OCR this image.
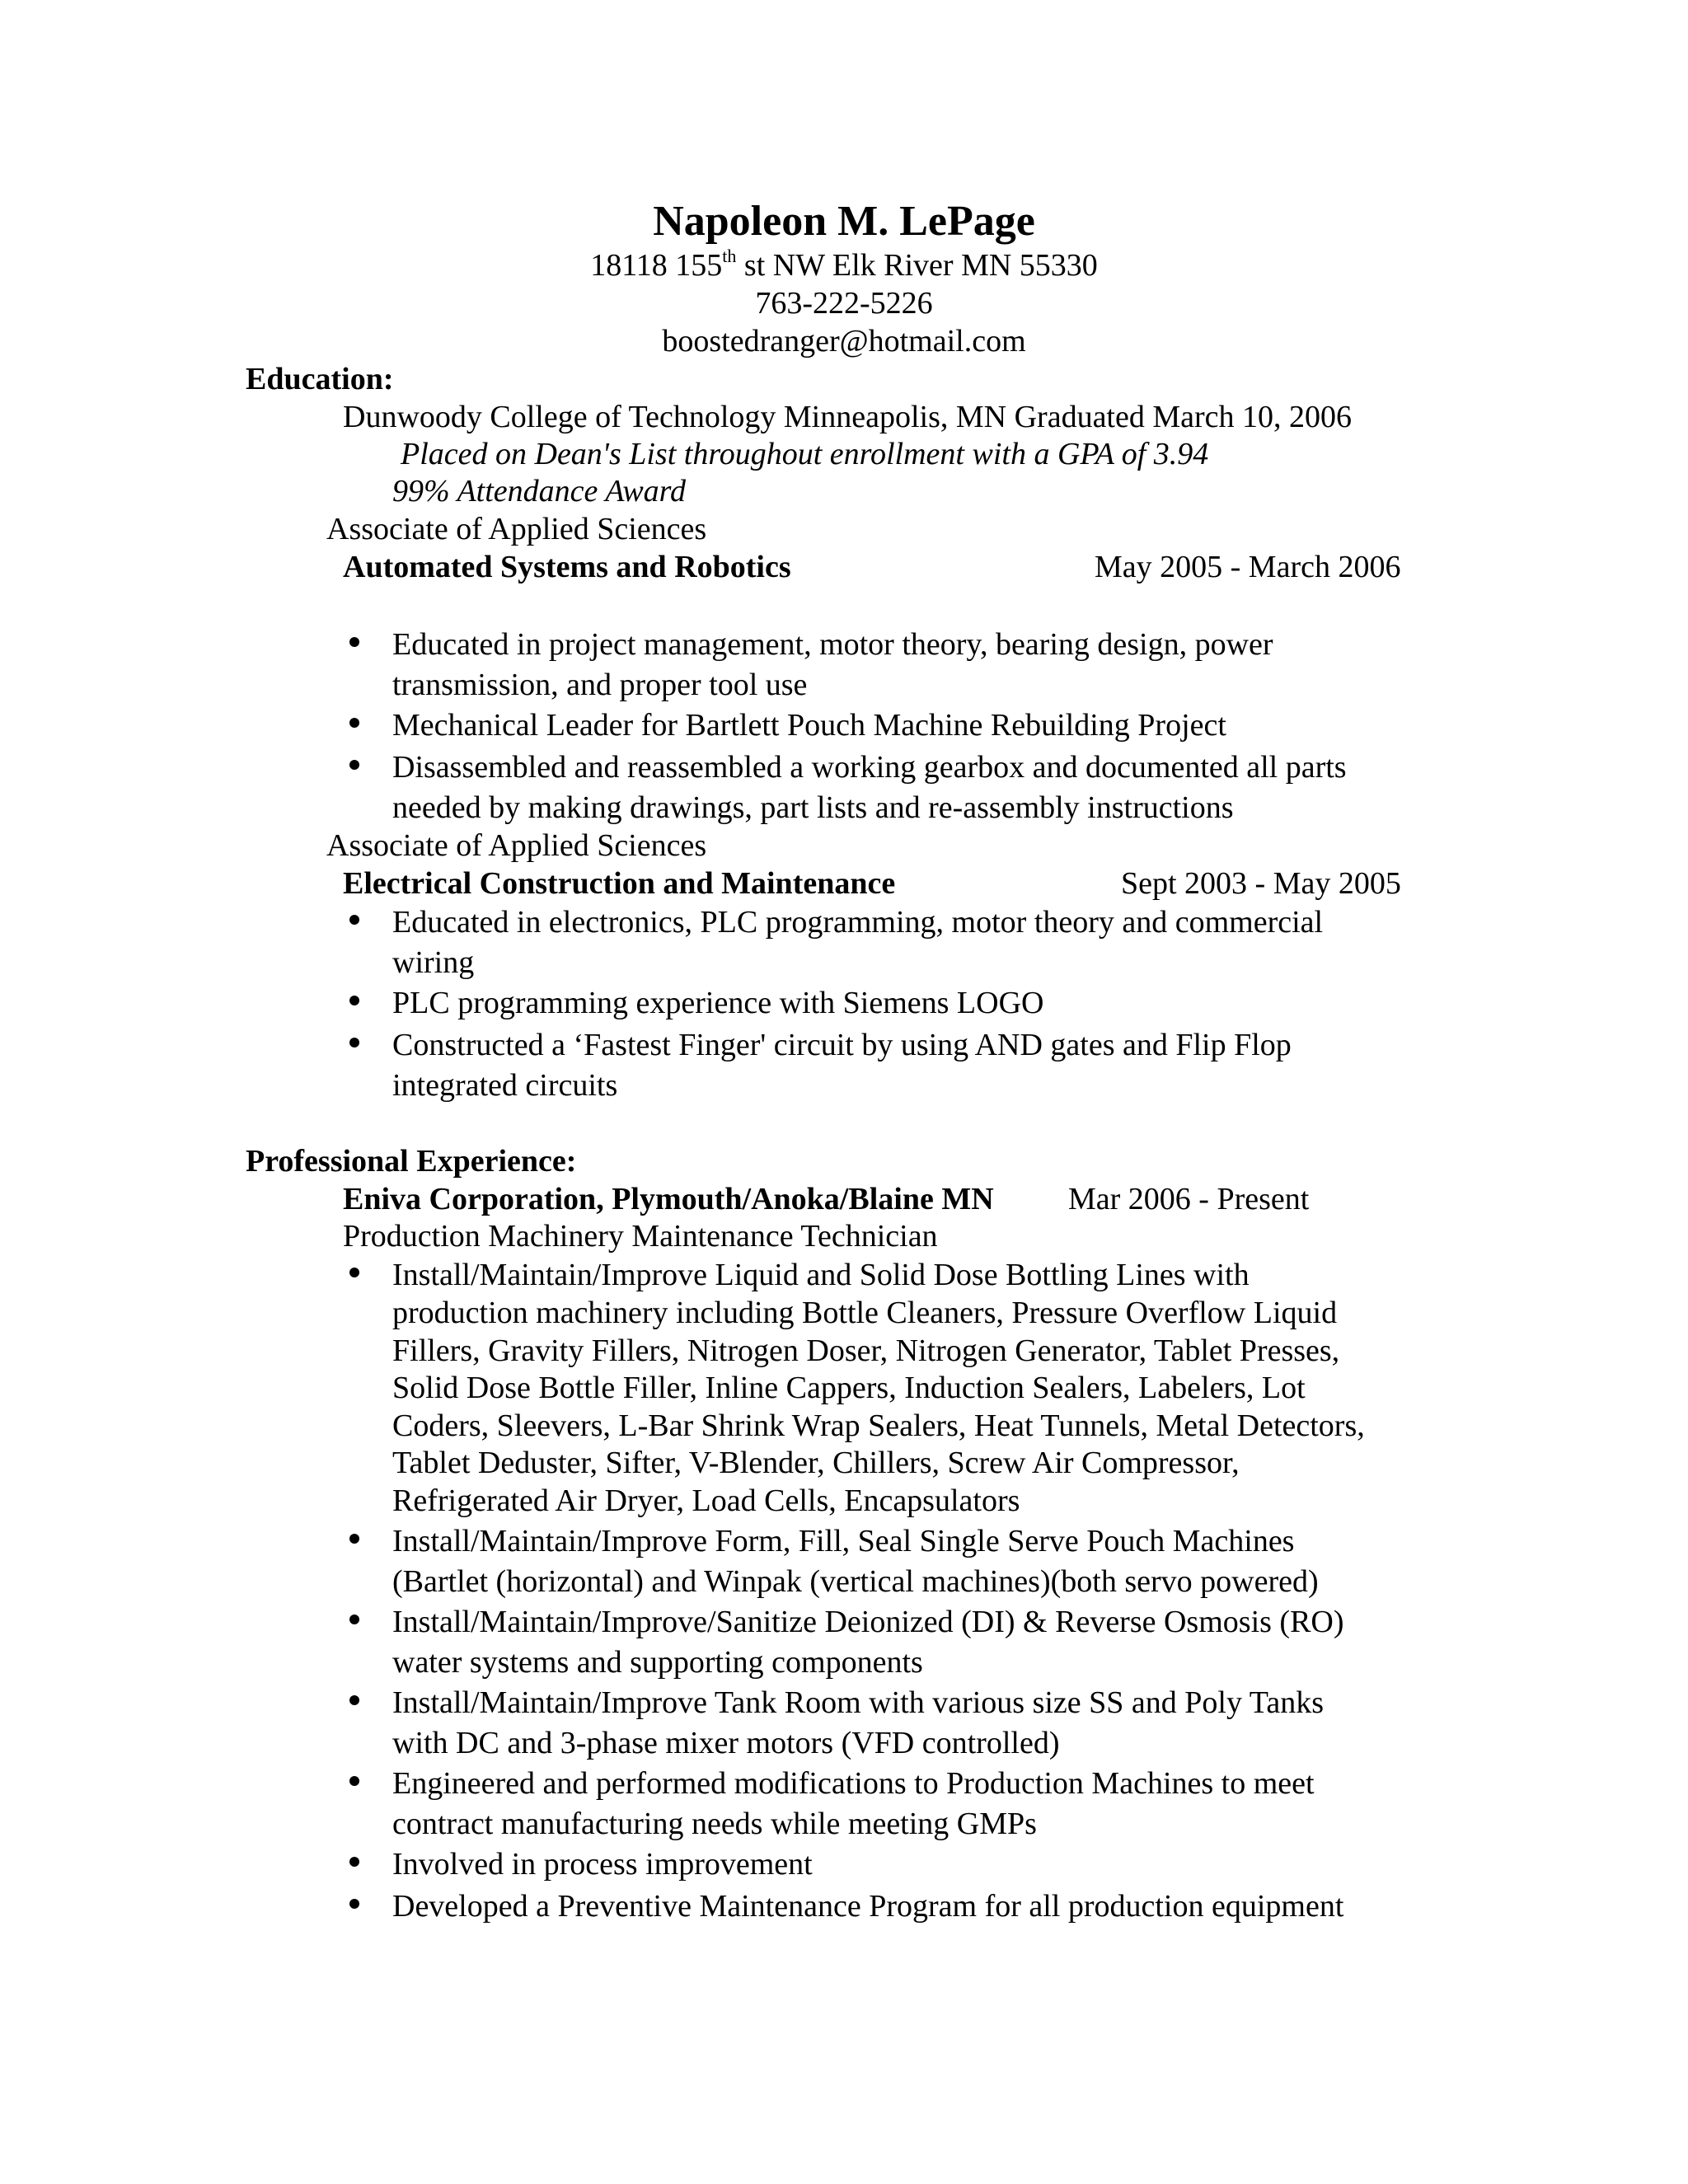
Napoleon M. LePage
18118 155th st NW Elk River MN 55330
763-222-5226
boostedranger@hotmail.com
Education:
Dunwoody College of Technology Minneapolis, MN Graduated March 10, 2006
Placed on Dean's List throughout enrollment with a GPA of 3.94
99% Attendance Award
Associate of Applied Sciences
Automated Systems and Robotics	May 2005 - March 2006
Educated in project management, motor theory, bearing design, power
transmission, and proper tool use
Mechanical Leader for Bartlett Pouch Machine Rebuilding Project
Disassembled and reassembled a working gearbox and documented all parts
needed by making drawings, part lists and re-assembly instructions
Associate of Applied Sciences
Electrical Construction and Maintenance	Sept 2003 - May 2005
Educated in electronics, PLC programming, motor theory and commercial
wiring
PLC programming experience with Siemens LOGO
Constructed a ‘Fastest Finger' circuit by using AND gates and Flip Flop
integrated circuits
Professional Experience:
Eniva Corporation, Plymouth/Anoka/Blaine MN Mar 2006 - Present
Production Machinery Maintenance Technician
Install/Maintain/Improve Liquid and Solid Dose Bottling Lines with
production machinery including Bottle Cleaners, Pressure Overflow Liquid
Fillers, Gravity Fillers, Nitrogen Doser, Nitrogen Generator, Tablet Presses,
Solid Dose Bottle Filler, Inline Cappers, Induction Sealers, Labelers, Lot
Coders, Sleevers, L-Bar Shrink Wrap Sealers, Heat Tunnels, Metal Detectors,
Tablet Deduster, Sifter, V-Blender, Chillers, Screw Air Compressor,
Refrigerated Air Dryer, Load Cells, Encapsulators
Install/Maintain/Improve Form, Fill, Seal Single Serve Pouch Machines
(Bartlet (horizontal) and Winpak (vertical machines)(both servo powered)
Install/Maintain/Improve/Sanitize Deionized (DI) & Reverse Osmosis (RO)
water systems and supporting components
Install/Maintain/Improve Tank Room with various size SS and Poly Tanks
with DC and 3-phase mixer motors (VFD controlled)
Engineered and performed modifications to Production Machines to meet
contract manufacturing needs while meeting GMPs
Involved in process improvement
Developed a Preventive Maintenance Program for all production equipment
